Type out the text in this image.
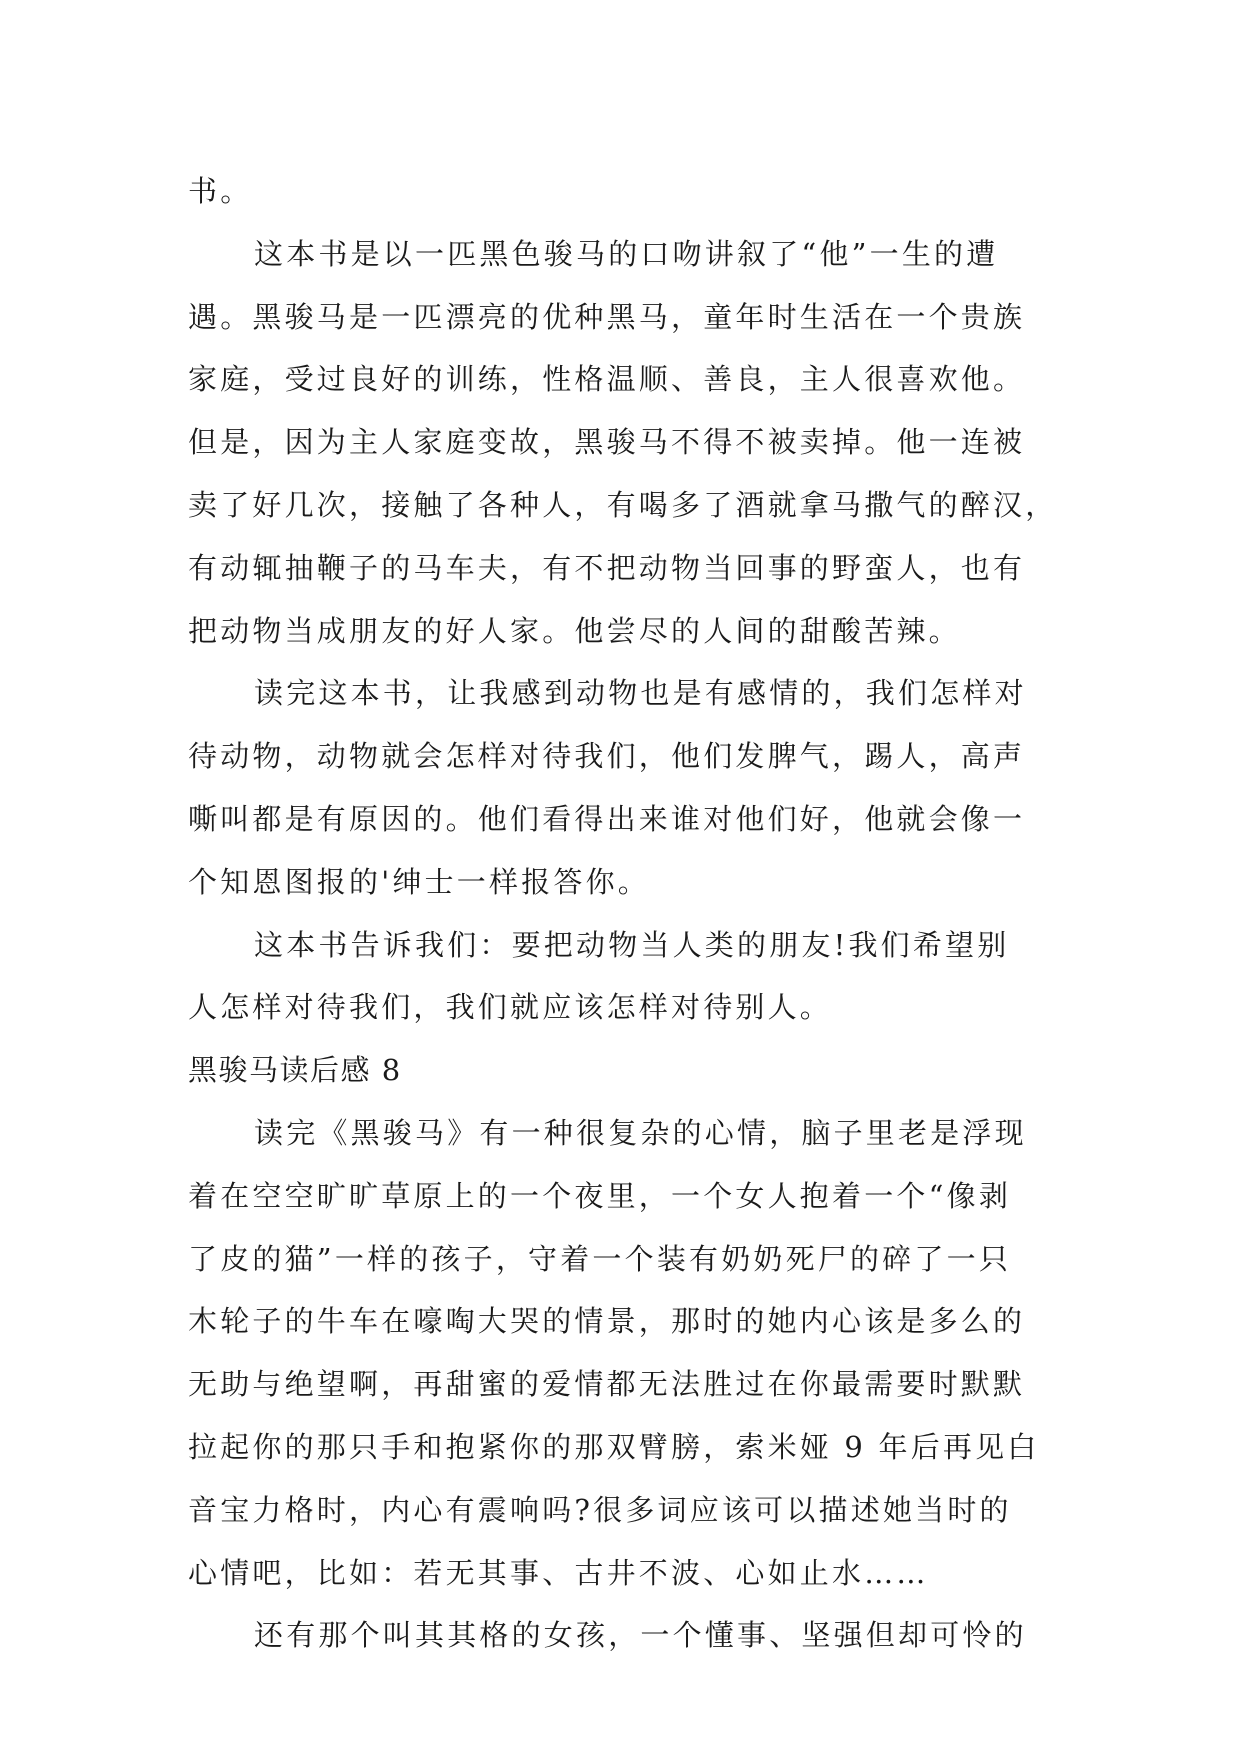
书。
这本书是以一匹黑色骏马的口吻讲叙了“他”一生的遭
遇。黑骏马是一匹漂亮的优种黑马，童年时生活在一个贵族
家庭，受过良好的训练，性格温顺、善良，主人很喜欢他。
但是，因为主人家庭变故，黑骏马不得不被卖掉。他一连被
卖了好几次，接触了各种人，有喝多了酒就拿马撒气的醉汉，
有动辄抽鞭子的马车夫，有不把动物当回事的野蛮人，也有
把动物当成朋友的好人家。他尝尽的人间的甜酸苦辣。
读完这本书，让我感到动物也是有感情的，我们怎样对
待动物，动物就会怎样对待我们，他们发脾气，踢人，高声
嘶叫都是有原因的。他们看得出来谁对他们好，他就会像一
个知恩图报的'绅士一样报答你。
这本书告诉我们：要把动物当人类的朋友!我们希望别
人怎样对待我们，我们就应该怎样对待别人。
黑骏马读后感 8
读完《黑骏马》有一种很复杂的心情，脑子里老是浮现
着在空空旷旷草原上的一个夜里，一个女人抱着一个“像剥
了皮的猫”一样的孩子，守着一个装有奶奶死尸的碎了一只
木轮子的牛车在嚎啕大哭的情景，那时的她内心该是多么的
无助与绝望啊，再甜蜜的爱情都无法胜过在你最需要时默默
拉起你的那只手和抱紧你的那双臂膀，索米娅 9 年后再见白
音宝力格时，内心有震响吗?很多词应该可以描述她当时的
心情吧，比如：若无其事、古井不波、心如止水……
还有那个叫其其格的女孩，一个懂事、坚强但却可怜的
